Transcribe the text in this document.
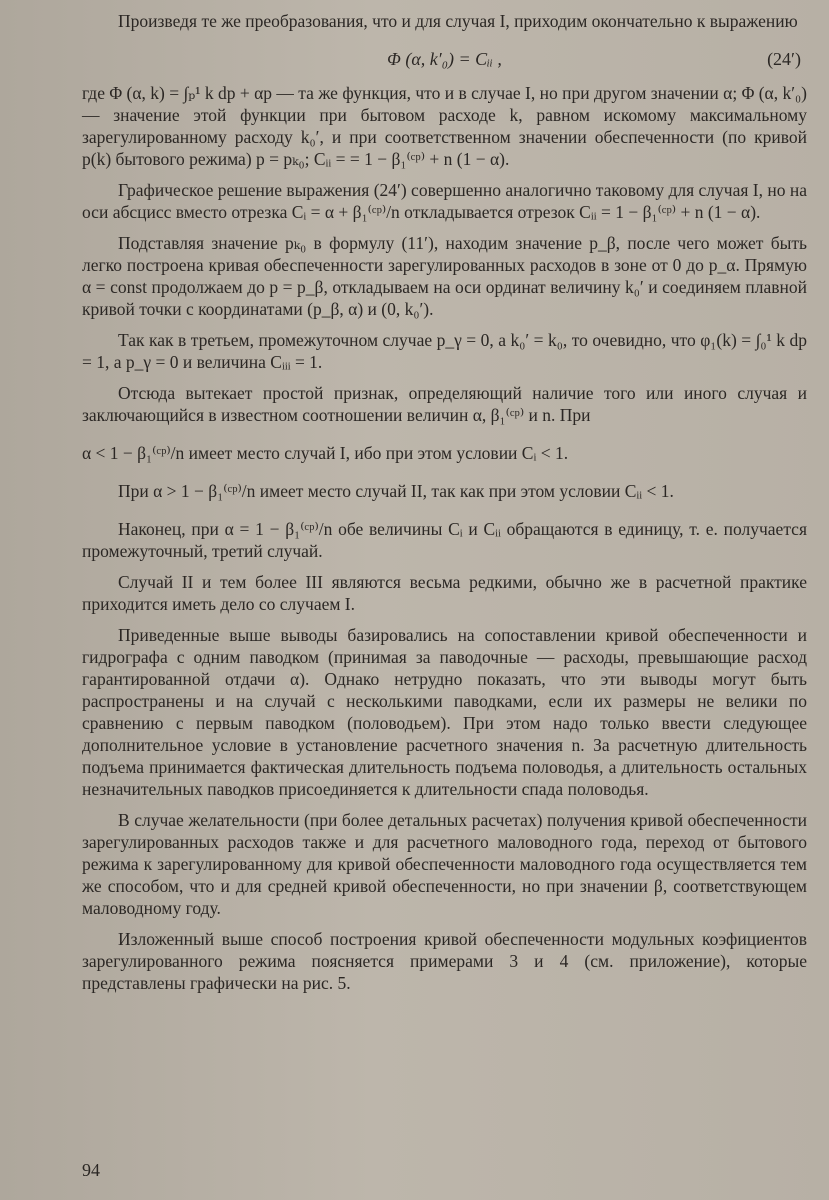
Произведя те же преобразования, что и для случая I, приходим окончательно к выражению

Φ (α, k′₀) = Cᵢᵢ ,	(24′)

где Φ (α, k) = ∫ₚ¹ k dp + αp — та же функция, что и в случае I, но при другом значении α; Φ (α, k′₀) — значение этой функции при бытовом расходе k, равном искомому максимальному зарегулированному расходу k₀′, и при соответственном значении обеспеченности (по кривой p(k) бытового режима) p = pₖ₀; Cᵢᵢ = = 1 − β₁⁽ᶜᵖ⁾ + n (1 − α).

Графическое решение выражения (24′) совершенно аналогично таковому для случая I, но на оси абсцисс вместо отрезка Cᵢ = α + β₁⁽ᶜᵖ⁾/n откладывается отрезок Cᵢᵢ = 1 − β₁⁽ᶜᵖ⁾ + n (1 − α).

Подставляя значение pₖ₀ в формулу (11′), находим значение p_β, после чего может быть легко построена кривая обеспеченности зарегулированных расходов в зоне от 0 до p_α. Прямую α = const продолжаем до p = p_β, откладываем на оси ординат величину k₀′ и соединяем плавной кривой точки с координатами (p_β, α) и (0, k₀′).

Так как в третьем, промежуточном случае p_γ = 0, а k₀′ = k₀, то очевидно, что φ₁(k) = ∫₀¹ k dp = 1, а p_γ = 0 и величина Cᵢᵢᵢ = 1.

Отсюда вытекает простой признак, определяющий наличие того или иного случая и заключающийся в известном соотношении величин α, β₁⁽ᶜᵖ⁾ и n. При

α < 1 − β₁⁽ᶜᵖ⁾/n имеет место случай I, ибо при этом условии Cᵢ < 1.

При α > 1 − β₁⁽ᶜᵖ⁾/n имеет место случай II, так как при этом условии Cᵢᵢ < 1.

Наконец, при α = 1 − β₁⁽ᶜᵖ⁾/n обе величины Cᵢ и Cᵢᵢ обращаются в единицу, т. е. получается промежуточный, третий случай.

Случай II и тем более III являются весьма редкими, обычно же в расчетной практике приходится иметь дело со случаем I.

Приведенные выше выводы базировались на сопоставлении кривой обеспеченности и гидрографа с одним паводком (принимая за паводочные — расходы, превышающие расход гарантированной отдачи α). Однако нетрудно показать, что эти выводы могут быть распространены и на случай с несколькими паводками, если их размеры не велики по сравнению с первым паводком (половодьем). При этом надо только ввести следующее дополнительное условие в установление расчетного значения n. За расчетную длительность подъема принимается фактическая длительность подъема половодья, а длительность остальных незначительных паводков присоединяется к длительности спада половодья.

В случае желательности (при более детальных расчетах) получения кривой обеспеченности зарегулированных расходов также и для расчетного маловодного года, переход от бытового режима к зарегулированному для кривой обеспеченности маловодного года осуществляется тем же способом, что и для средней кривой обеспеченности, но при значении β, соответствующем маловодному году.

Изложенный выше способ построения кривой обеспеченности модульных коэфициентов зарегулированного режима поясняется примерами 3 и 4 (см. приложение), которые представлены графически на рис. 5.

94
